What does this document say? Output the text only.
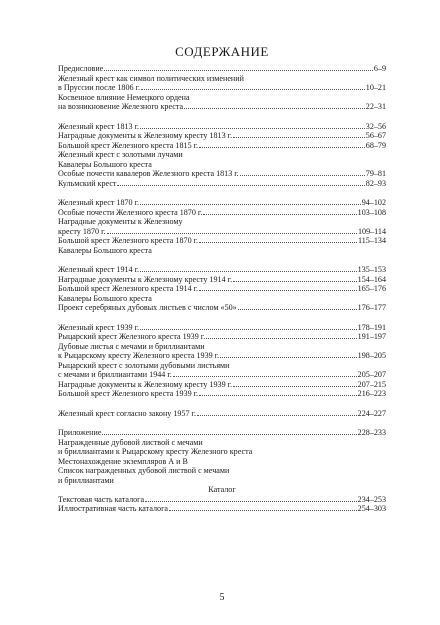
СОДЕРЖАНИЕ
Предисловие	6–9
Железный крест как символ политических изменений
в Пруссии после 1806 г.	10–21
Косвенное влияние Немецкого ордена
на возникновение Железного креста	22–31
Железный крест 1813 г.	32–56
Наградные документы к Железному кресту 1813 г.	56–67
Большой крест Железного креста 1815 г.	68–79
Железный крест с золотыми лучами
Кавалеры Большого креста
Особые почести кавалеров Железного креста 1813 г.	79–81
Кульмский крест	82–93
Железный крест 1870 г.	94–102
Особые почести Железного креста 1870 г.	103–108
Наградные документы к Железному
кресту 1870 г.	109–114
Большой крест Железного креста 1870 г.	115–134
Кавалеры Большого креста
Железный крест 1914 г.	135–153
Наградные документы к Железному кресту 1914 г.	154–164
Большой крест Железного креста 1914 г.	165–176
Кавалеры Большого креста
Проект серебряных дубовых листьев с числом «50»	176–177
Железный крест 1939 г.	178–191
Рыцарский крест Железного креста 1939 г.	191–197
Дубовые листья с мечами и бриллиантами
к Рыцарскому кресту Железного креста 1939 г.	198–205
Рыцарский крест с золотыми дубовыми листьями
с мечами и бриллиантами 1944 г.	205–207
Наградные документы к Железному кресту 1939 г.	207–215
Большой крест Железного креста 1939 г.	216–223
Железный крест согласно закону 1957 г.	224–227
Приложение	228–233
Награжденные дубовой листвой с мечами
и бриллиантами к Рыцарскому кресту Железного креста
Местонахождение экземпляров А и В
Список награжденных дубовой листвой с мечами
и бриллиантами
Каталог
Текстовая часть каталога	234–253
Иллюстративная часть каталога	254–303
5
